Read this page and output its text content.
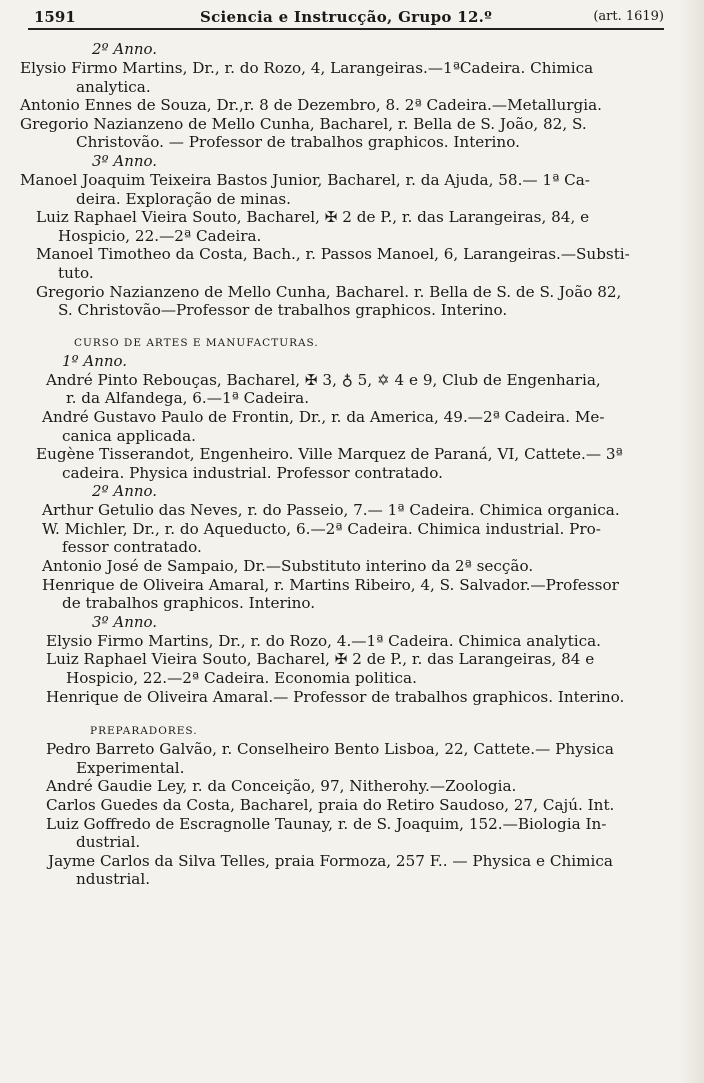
1591	Sciencia e Instrucção, Grupo 12.º	(art. 1619)
2º Anno.
Elysio Firmo Martins, Dr., r. do Rozo, 4, Larangeiras.—1ªCadeira. Chimica
analytica.
Antonio Ennes de Souza, Dr.,r. 8 de Dezembro, 8. 2ª Cadeira.—Metallurgia.
Gregorio Nazianzeno de Mello Cunha, Bacharel, r. Bella de S. João, 82, S.
Christovão. — Professor de trabalhos graphicos. Interino.
3º Anno.
Manoel Joaquim Teixeira Bastos Junior, Bacharel, r. da Ajuda, 58.— 1ª Ca-
deira. Exploração de minas.
Luiz Raphael Vieira Souto, Bacharel, ✠ 2 de P., r. das Larangeiras, 84, e
Hospicio, 22.—2ª Cadeira.
Manoel Timotheo da Costa, Bach., r. Passos Manoel, 6, Larangeiras.—Substi-
tuto.
Gregorio Nazianzeno de Mello Cunha, Bacharel. r. Bella de S. de S. João 82,
S. Christovão—Professor de trabalhos graphicos. Interino.
CURSO DE ARTES E MANUFACTURAS.
1º Anno.
André Pinto Rebouças, Bacharel, ✠ 3, ♁ 5, ✡ 4 e 9, Club de Engenharia,
r. da Alfandega, 6.—1ª Cadeira.
André Gustavo Paulo de Frontin, Dr., r. da America, 49.—2ª Cadeira. Me-
canica applicada.
Eugène Tisserandot, Engenheiro. Ville Marquez de Paraná, VI, Cattete.— 3ª
cadeira. Physica industrial. Professor contratado.
2º Anno.
Arthur Getulio das Neves, r. do Passeio, 7.— 1ª Cadeira. Chimica organica.
W. Michler, Dr., r. do Aqueducto, 6.—2ª Cadeira. Chimica industrial. Pro-
fessor contratado.
Antonio José de Sampaio, Dr.—Substituto interino da 2ª secção.
Henrique de Oliveira Amaral, r. Martins Ribeiro, 4, S. Salvador.—Professor
de trabalhos graphicos. Interino.
3º Anno.
Elysio Firmo Martins, Dr., r. do Rozo, 4.—1ª Cadeira. Chimica analytica.
Luiz Raphael Vieira Souto, Bacharel, ✠ 2 de P., r. das Larangeiras, 84 e
Hospicio, 22.—2ª Cadeira. Economia politica.
Henrique de Oliveira Amaral.— Professor de trabalhos graphicos. Interino.
PREPARADORES.
Pedro Barreto Galvão, r. Conselheiro Bento Lisboa, 22, Cattete.— Physica
Experimental.
André Gaudie Ley, r. da Conceição, 97, Nitherohy.—Zoologia.
Carlos Guedes da Costa, Bacharel, praia do Retiro Saudoso, 27, Cajú. Int.
Luiz Goffredo de Escragnolle Taunay, r. de S. Joaquim, 152.—Biologia In-
dustrial.
Jayme Carlos da Silva Telles, praia Formoza, 257 F.. — Physica e Chimica
ndustrial.
